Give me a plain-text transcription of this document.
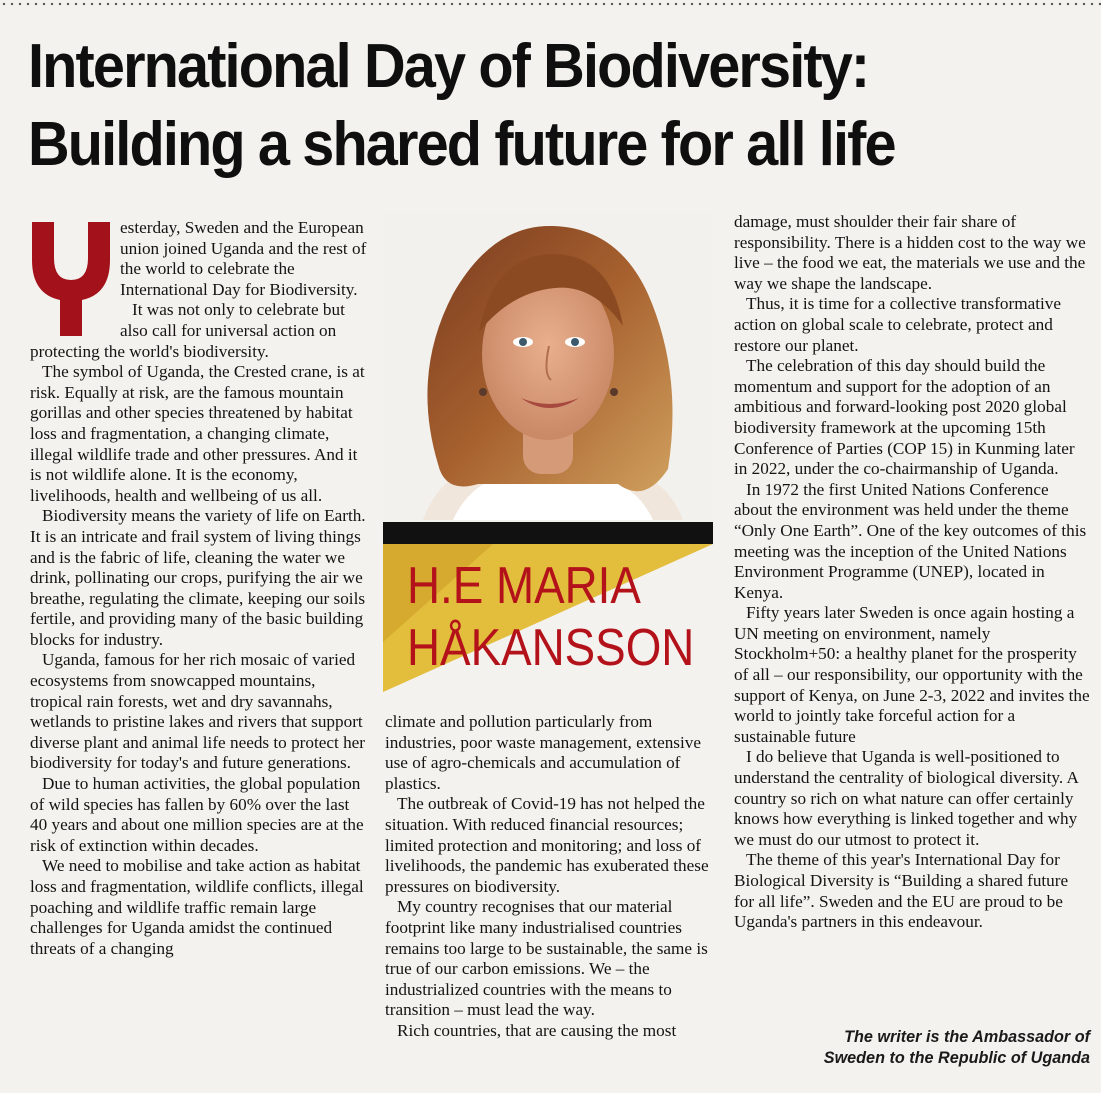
International Day of Biodiversity:
Building a shared future for all life
Y

esterday, Sweden and the European union joined Uganda and the rest of the world to celebrate the International Day for Biodiversity.

It was not only to celebrate but also call for universal action on protecting the world's biodiversity.

The symbol of Uganda, the Crested crane, is at risk. Equally at risk, are the famous mountain gorillas and other species threatened by habitat loss and fragmentation, a changing climate, illegal wildlife trade and other pressures. And it is not wildlife alone. It is the economy, livelihoods, health and wellbeing of us all.

Biodiversity means the variety of life on Earth. It is an intricate and frail system of living things and is the fabric of life, cleaning the water we drink, pollinating our crops, purifying the air we breathe, regulating the climate, keeping our soils fertile, and providing many of the basic building blocks for industry.

Uganda, famous for her rich mosaic of varied ecosystems from snowcapped mountains, tropical rain forests, wet and dry savannahs, wetlands to pristine lakes and rivers that support diverse plant and animal life needs to protect her biodiversity for today's and future generations.

Due to human activities, the global population of wild species has fallen by 60% over the last 40 years and about one million species are at the risk of extinction within decades.

We need to mobilise and take action as habitat loss and fragmentation, wildlife conflicts, illegal poaching and wildlife traffic remain large challenges for Uganda amidst the continued threats of a changing

H.E MARIA
HÅKANSSON

climate and pollution particularly from industries, poor waste management, extensive use of agro-chemicals and accumulation of plastics.

The outbreak of Covid-19 has not helped the situation. With reduced financial resources; limited protection and monitoring; and loss of livelihoods, the pandemic has exuberated these pressures on biodiversity.

My country recognises that our material footprint like many industrialised countries remains too large to be sustainable, the same is true of our carbon emissions. We – the industrialized countries with the means to transition – must lead the way.

Rich countries, that are causing the most

damage, must shoulder their fair share of responsibility. There is a hidden cost to the way we live – the food we eat, the materials we use and the way we shape the landscape.

Thus, it is time for a collective transformative action on global scale to celebrate, protect and restore our planet.

The celebration of this day should build the momentum and support for the adoption of an ambitious and forward-looking post 2020 global biodiversity framework at the upcoming 15th Conference of Parties (COP 15) in Kunming later in 2022, under the co-chairmanship of Uganda.

In 1972 the first United Nations Conference about the environment was held under the theme “Only One Earth”. One of the key outcomes of this meeting was the inception of the United Nations Environment Programme (UNEP), located in Kenya.

Fifty years later Sweden is once again hosting a UN meeting on environment, namely Stockholm+50: a healthy planet for the prosperity of all – our responsibility, our opportunity with the support of Kenya, on June 2-3, 2022 and invites the world to jointly take forceful action for a sustainable future

I do believe that Uganda is well-positioned to understand the centrality of biological diversity. A country so rich on what nature can offer certainly knows how everything is linked together and why we must do our utmost to protect it.

The theme of this year's International Day for Biological Diversity is “Building a shared future for all life”. Sweden and the EU are proud to be Uganda's partners in this endeavour.

The writer is the Ambassador of
Sweden to the Republic of Uganda
